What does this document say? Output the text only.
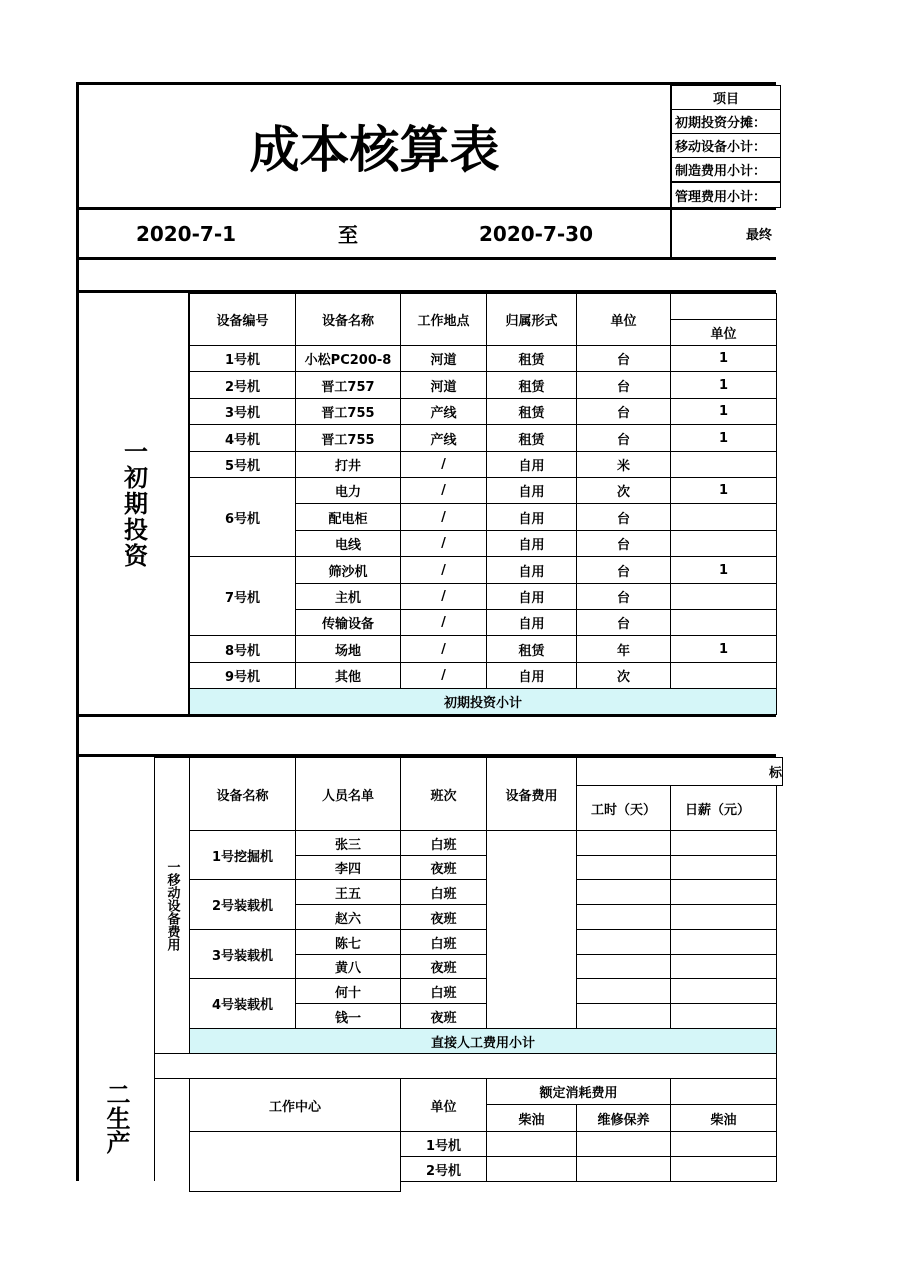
成本核算表
项目
初期投资分摊：
移动设备小计：
制造费用小计：
管理费用小计：
2020-7-1	至	2020-7-30	最终
一初期投资
设备编号	设备名称	工作地点	归属形式	单位
单位
1号机	小松PC200-8	河道	租赁	台	1
2号机	晋工757	河道	租赁	台	1
3号机	晋工755	产线	租赁	台	1
4号机	晋工755	产线	租赁	台	1
5号机	打井	/	自用	米
6号机
电力	/	自用	次	1
配电柜	/	自用	台
电线	/	自用	台
7号机
筛沙机	/	自用	台	1
主机	/	自用	台
传输设备	/	自用	台
8号机	场地	/	租赁	年	1
9号机	其他	/	自用	次
初期投资小计
二生产
一移动设备费用
设备名称	人员名单	班次	设备费用
标
工时（天）	日薪（元）
1号挖掘机
张三	白班
李四	夜班
2号装载机
王五	白班
赵六	夜班
3号装载机
陈七	白班
黄八	夜班
4号装载机
何十	白班
钱一	夜班
直接人工费用小计
工作中心	单位
额定消耗费用
柴油	维修保养	柴油
1号机
2号机
